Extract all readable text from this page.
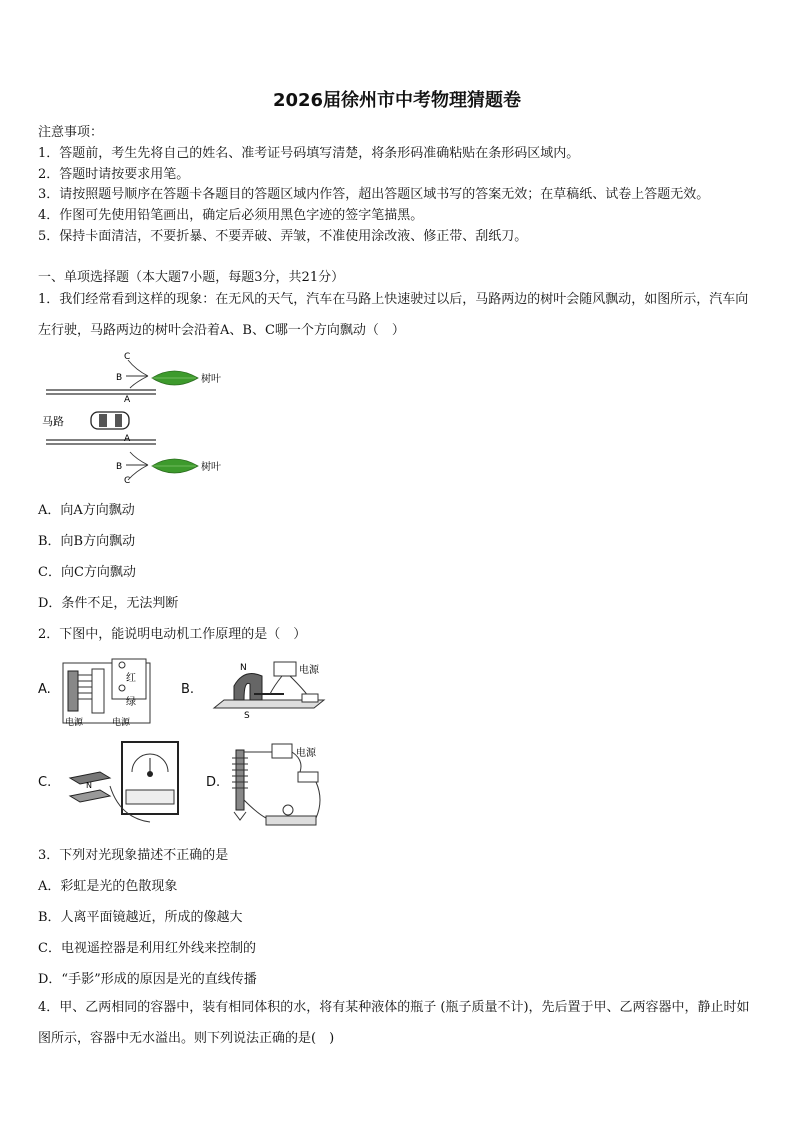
2026届徐州市中考物理猜题卷
注意事项：
1．答题前，考生先将自己的姓名、准考证号码填写清楚，将条形码准确粘贴在条形码区域内。
2．答题时请按要求用笔。
3．请按照题号顺序在答题卡各题目的答题区域内作答，超出答题区域书写的答案无效；在草稿纸、试卷上答题无效。
4．作图可先使用铅笔画出，确定后必须用黑色字迹的签字笔描黑。
5．保持卡面清洁，不要折暴、不要弄破、弄皱，不准使用涂改液、修正带、刮纸刀。
一、单项选择题（本大题7小题，每题3分，共21分）
1．我们经常看到这样的现象：在无风的天气，汽车在马路上快速驶过以后，马路两边的树叶会随风飘动，如图所示，汽车向左行驶，马路两边的树叶会沿着A、B、C哪一个方向飘动（　）
马路
C
B
A
树叶
A
B
C
树叶
A．向A方向飘动
B．向B方向飘动
C．向C方向飘动
D．条件不足，无法判断
2．下图中，能说明电动机工作原理的是（　）
A.
红
绿
电源	电源
B.
N
S
电源
C.	N	D.
电源
3．下列对光现象描述不正确的是
A．彩虹是光的色散现象
B．人离平面镜越近，所成的像越大
C．电视遥控器是利用红外线来控制的
D．“手影”形成的原因是光的直线传播
4．甲、乙两相同的容器中，装有相同体积的水，将有某种液体的瓶子 (瓶子质量不计)，先后置于甲、乙两容器中，静止时如图所示，容器中无水溢出。则下列说法正确的是(　)
